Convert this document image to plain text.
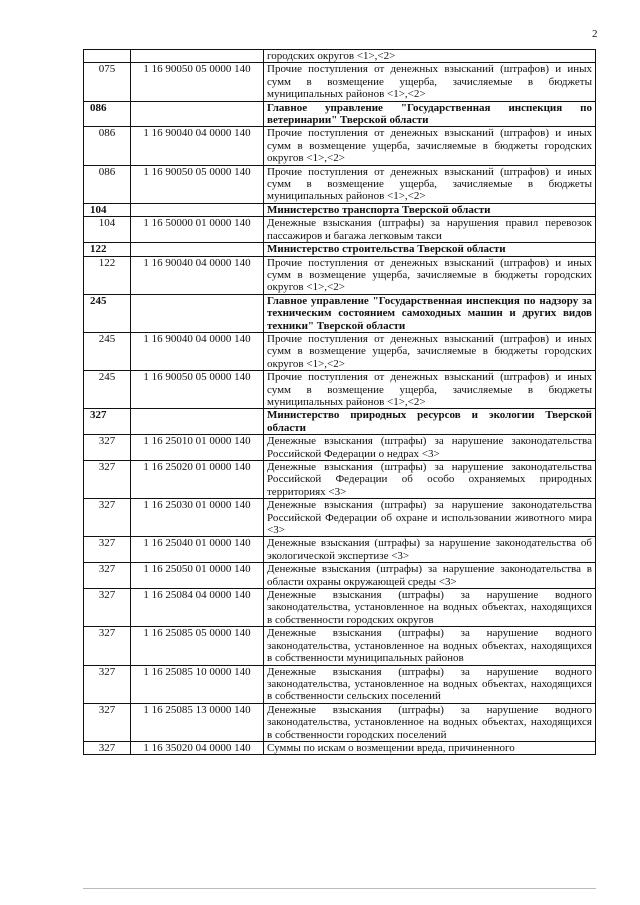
2
		городских округов <1>,<2>
075	1 16 90050 05 0000 140	Прочие поступления от денежных взысканий (штрафов) и иных сумм в возмещение ущерба, зачисляемые в бюджеты муниципальных районов <1>,<2>
086		Главное управление "Государственная инспекция по ветеринарии" Тверской области
086	1 16 90040 04 0000 140	Прочие поступления от денежных взысканий (штрафов) и иных сумм в возмещение ущерба, зачисляемые в бюджеты городских округов <1>,<2>
086	1 16 90050 05 0000 140	Прочие поступления от денежных взысканий (штрафов) и иных сумм в возмещение ущерба, зачисляемые в бюджеты муниципальных районов <1>,<2>
104		Министерство транспорта Тверской области
104	1 16 50000 01 0000 140	Денежные взыскания (штрафы) за нарушения правил перевозок пассажиров и багажа легковым такси
122		Министерство строительства Тверской области
122	1 16 90040 04 0000 140	Прочие поступления от денежных взысканий (штрафов) и иных сумм в возмещение ущерба, зачисляемые в бюджеты городских округов <1>,<2>
245		Главное управление "Государственная инспекция по надзору за техническим состоянием самоходных машин и других видов техники" Тверской области
245	1 16 90040 04 0000 140	Прочие поступления от денежных взысканий (штрафов) и иных сумм в возмещение ущерба, зачисляемые в бюджеты городских округов <1>,<2>
245	1 16 90050 05 0000 140	Прочие поступления от денежных взысканий (штрафов) и иных сумм в возмещение ущерба, зачисляемые в бюджеты муниципальных районов <1>,<2>
327		Министерство природных ресурсов и экологии Тверской области
327	1 16 25010 01 0000 140	Денежные взыскания (штрафы) за нарушение законодательства Российской Федерации о недрах <3>
327	1 16 25020 01 0000 140	Денежные взыскания (штрафы) за нарушение законодательства Российской Федерации об особо охраняемых природных территориях <3>
327	1 16 25030 01 0000 140	Денежные взыскания (штрафы) за нарушение законодательства Российской Федерации об охране и использовании животного мира <3>
327	1 16 25040 01 0000 140	Денежные взыскания (штрафы) за нарушение законодательства об экологической экспертизе <3>
327	1 16 25050 01 0000 140	Денежные взыскания (штрафы) за нарушение законодательства в области охраны окружающей среды <3>
327	1 16 25084 04 0000 140	Денежные взыскания (штрафы) за нарушение водного законодательства, установленное на водных объектах, находящихся в собственности городских округов
327	1 16 25085 05 0000 140	Денежные взыскания (штрафы) за нарушение водного законодательства, установленное на водных объектах, находящихся в собственности муниципальных районов
327	1 16 25085 10 0000 140	Денежные взыскания (штрафы) за нарушение водного законодательства, установленное на водных объектах, находящихся в собственности сельских поселений
327	1 16 25085 13 0000 140	Денежные взыскания (штрафы) за нарушение водного законодательства, установленное на водных объектах, находящихся в собственности городских поселений
327	1 16 35020 04 0000 140	Суммы по искам о возмещении вреда, причиненного
